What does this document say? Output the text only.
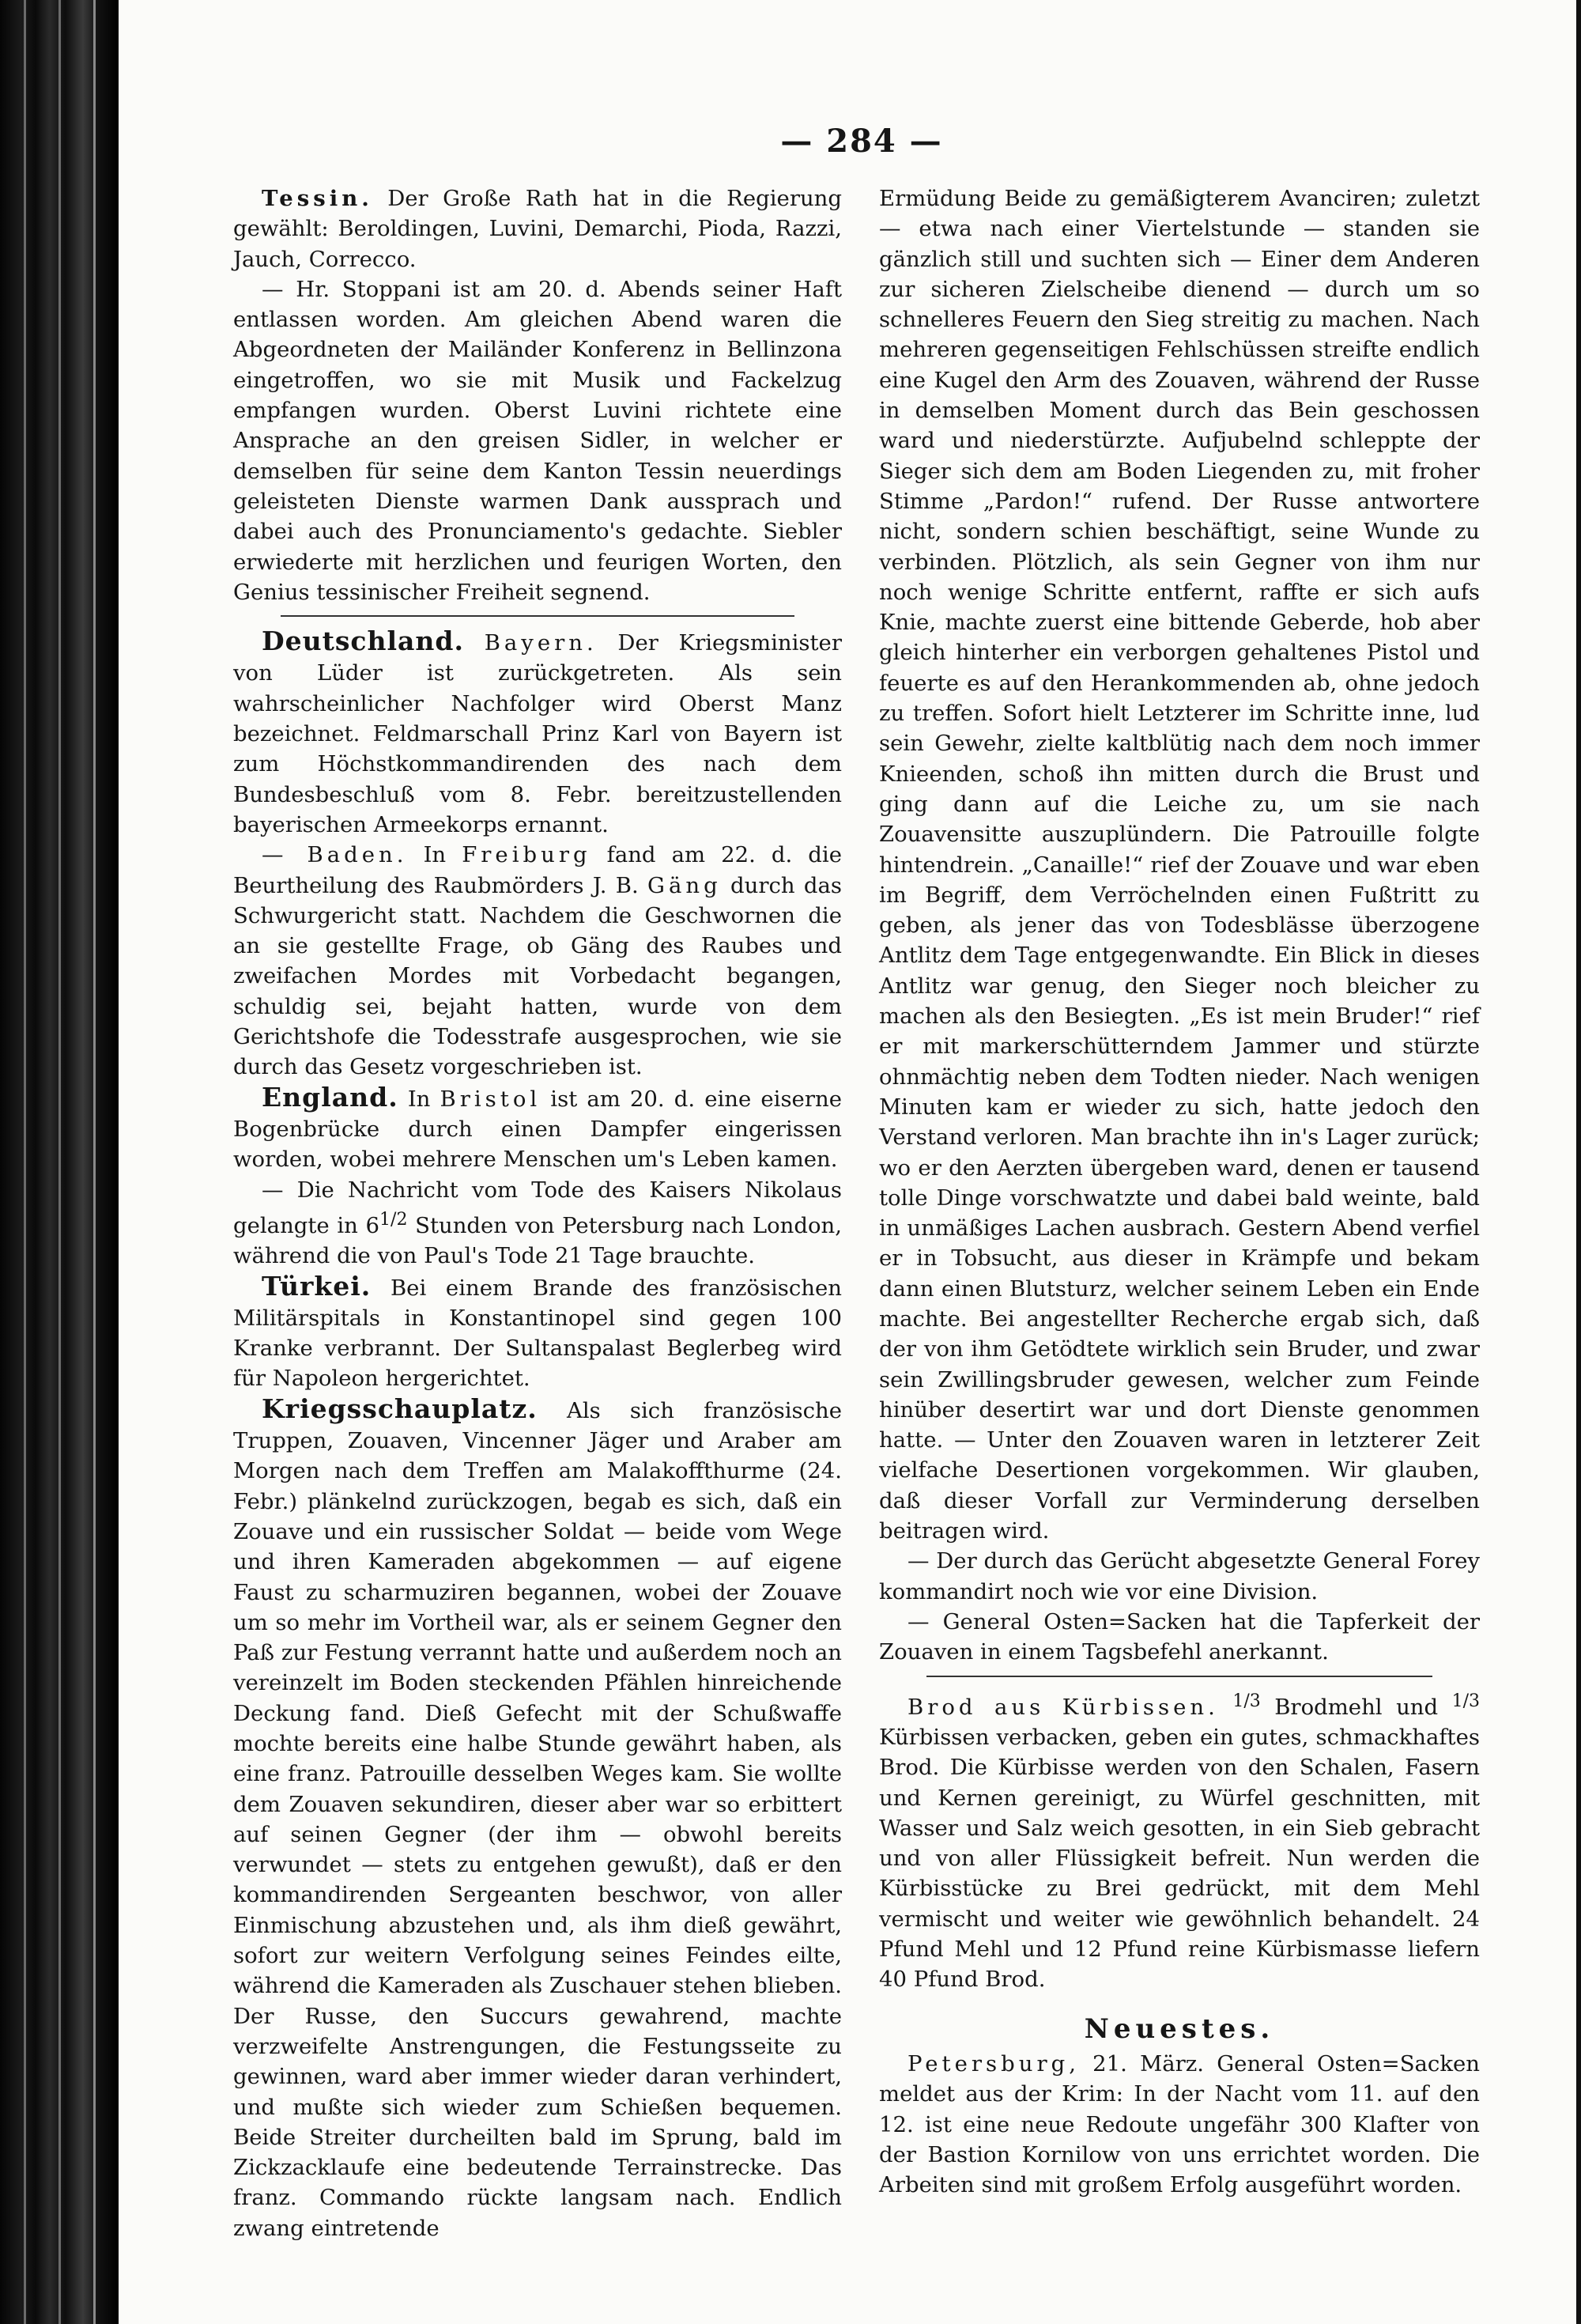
— 284 —

Tessin. Der Große Rath hat in die Regierung gewählt: Beroldingen, Luvini, Demarchi, Pioda, Razzi, Jauch, Correcco.

— Hr. Stoppani ist am 20. d. Abends seiner Haft entlassen worden. Am gleichen Abend waren die Abgeordneten der Mailänder Konferenz in Bellinzona eingetroffen, wo sie mit Musik und Fackelzug empfangen wurden. Oberst Luvini richtete eine Ansprache an den greisen Sidler, in welcher er demselben für seine dem Kanton Tessin neuerdings geleisteten Dienste warmen Dank aussprach und dabei auch des Pronunciamento's gedachte. Siebler erwiederte mit herzlichen und feurigen Worten, den Genius tessinischer Freiheit segnend.

Deutschland. Bayern. Der Kriegsminister von Lüder ist zurückgetreten. Als sein wahrscheinlicher Nachfolger wird Oberst Manz bezeichnet. Feldmarschall Prinz Karl von Bayern ist zum Höchstkommandirenden des nach dem Bundesbeschluß vom 8. Febr. bereitzustellenden bayerischen Armeekorps ernannt.

— Baden. In Freiburg fand am 22. d. die Beurtheilung des Raubmörders J. B. Gäng durch das Schwurgericht statt. Nachdem die Geschwornen die an sie gestellte Frage, ob Gäng des Raubes und zweifachen Mordes mit Vorbedacht begangen, schuldig sei, bejaht hatten, wurde von dem Gerichtshofe die Todesstrafe ausgesprochen, wie sie durch das Gesetz vorgeschrieben ist.

England. In Bristol ist am 20. d. eine eiserne Bogenbrücke durch einen Dampfer eingerissen worden, wobei mehrere Menschen um's Leben kamen.

— Die Nachricht vom Tode des Kaisers Nikolaus gelangte in $6^{1/2}$ Stunden von Petersburg nach London, während die von Paul's Tode 21 Tage brauchte.

Türkei. Bei einem Brande des französischen Militärspitals in Konstantinopel sind gegen 100 Kranke verbrannt. Der Sultanspalast Beglerbeg wird für Napoleon hergerichtet.

Kriegsschauplatz. Als sich französische Truppen, Zouaven, Vincenner Jäger und Araber am Morgen nach dem Treffen am Malakoffthurme (24. Febr.) plänkelnd zurückzogen, begab es sich, daß ein Zouave und ein russischer Soldat — beide vom Wege und ihren Kameraden abgekommen — auf eigene Faust zu scharmuziren begannen, wobei der Zouave um so mehr im Vortheil war, als er seinem Gegner den Paß zur Festung verrannt hatte und außerdem noch an vereinzelt im Boden steckenden Pfählen hinreichende Deckung fand. Dieß Gefecht mit der Schußwaffe mochte bereits eine halbe Stunde gewährt haben, als eine franz. Patrouille desselben Weges kam. Sie wollte dem Zouaven sekundiren, dieser aber war so erbittert auf seinen Gegner (der ihm — obwohl bereits verwundet — stets zu entgehen gewußt), daß er den kommandirenden Sergeanten beschwor, von aller Einmischung abzustehen und, als ihm dieß gewährt, sofort zur weitern Verfolgung seines Feindes eilte, während die Kameraden als Zuschauer stehen blieben. Der Russe, den Succurs gewahrend, machte verzweifelte Anstrengungen, die Festungsseite zu gewinnen, ward aber immer wieder daran verhindert, und mußte sich wieder zum Schießen bequemen. Beide Streiter durcheilten bald im Sprung, bald im Zickzacklaufe eine bedeutende Terrainstrecke. Das franz. Commando rückte langsam nach. Endlich zwang eintretende

Ermüdung Beide zu gemäßigterem Avanciren; zuletzt — etwa nach einer Viertelstunde — standen sie gänzlich still und suchten sich — Einer dem Anderen zur sicheren Zielscheibe dienend — durch um so schnelleres Feuern den Sieg streitig zu machen. Nach mehreren gegenseitigen Fehlschüssen streifte endlich eine Kugel den Arm des Zouaven, während der Russe in demselben Moment durch das Bein geschossen ward und niederstürzte. Aufjubelnd schleppte der Sieger sich dem am Boden Liegenden zu, mit froher Stimme „Pardon!“ rufend. Der Russe antwortere nicht, sondern schien beschäftigt, seine Wunde zu verbinden. Plötzlich, als sein Gegner von ihm nur noch wenige Schritte entfernt, raffte er sich aufs Knie, machte zuerst eine bittende Geberde, hob aber gleich hinterher ein verborgen gehaltenes Pistol und feuerte es auf den Herankommenden ab, ohne jedoch zu treffen. Sofort hielt Letzterer im Schritte inne, lud sein Gewehr, zielte kaltblütig nach dem noch immer Knieenden, schoß ihn mitten durch die Brust und ging dann auf die Leiche zu, um sie nach Zouavensitte auszuplündern. Die Patrouille folgte hintendrein. „Canaille!“ rief der Zouave und war eben im Begriff, dem Verröchelnden einen Fußtritt zu geben, als jener das von Todesblässe überzogene Antlitz dem Tage entgegenwandte. Ein Blick in dieses Antlitz war genug, den Sieger noch bleicher zu machen als den Besiegten. „Es ist mein Bruder!“ rief er mit markerschütterndem Jammer und stürzte ohnmächtig neben dem Todten nieder. Nach wenigen Minuten kam er wieder zu sich, hatte jedoch den Verstand verloren. Man brachte ihn in's Lager zurück; wo er den Aerzten übergeben ward, denen er tausend tolle Dinge vorschwatzte und dabei bald weinte, bald in unmäßiges Lachen ausbrach. Gestern Abend verfiel er in Tobsucht, aus dieser in Krämpfe und bekam dann einen Blutsturz, welcher seinem Leben ein Ende machte. Bei angestellter Recherche ergab sich, daß der von ihm Getödtete wirklich sein Bruder, und zwar sein Zwillingsbruder gewesen, welcher zum Feinde hinüber desertirt war und dort Dienste genommen hatte. — Unter den Zouaven waren in letzterer Zeit vielfache Desertionen vorgekommen. Wir glauben, daß dieser Vorfall zur Verminderung derselben beitragen wird.

— Der durch das Gerücht abgesetzte General Forey kommandirt noch wie vor eine Division.

— General Osten=Sacken hat die Tapferkeit der Zouaven in einem Tagsbefehl anerkannt.

Brod aus Kürbissen. $^{1/3}$ Brodmehl und $^{1/3}$ Kürbissen verbacken, geben ein gutes, schmackhaftes Brod. Die Kürbisse werden von den Schalen, Fasern und Kernen gereinigt, zu Würfel geschnitten, mit Wasser und Salz weich gesotten, in ein Sieb gebracht und von aller Flüssigkeit befreit. Nun werden die Kürbisstücke zu Brei gedrückt, mit dem Mehl vermischt und weiter wie gewöhnlich behandelt. 24 Pfund Mehl und 12 Pfund reine Kürbismasse liefern 40 Pfund Brod.

Neuestes.

Petersburg, 21. März. General Osten=Sacken meldet aus der Krim: In der Nacht vom 11. auf den 12. ist eine neue Redoute ungefähr 300 Klafter von der Bastion Kornilow von uns errichtet worden. Die Arbeiten sind mit großem Erfolg ausgeführt worden.
